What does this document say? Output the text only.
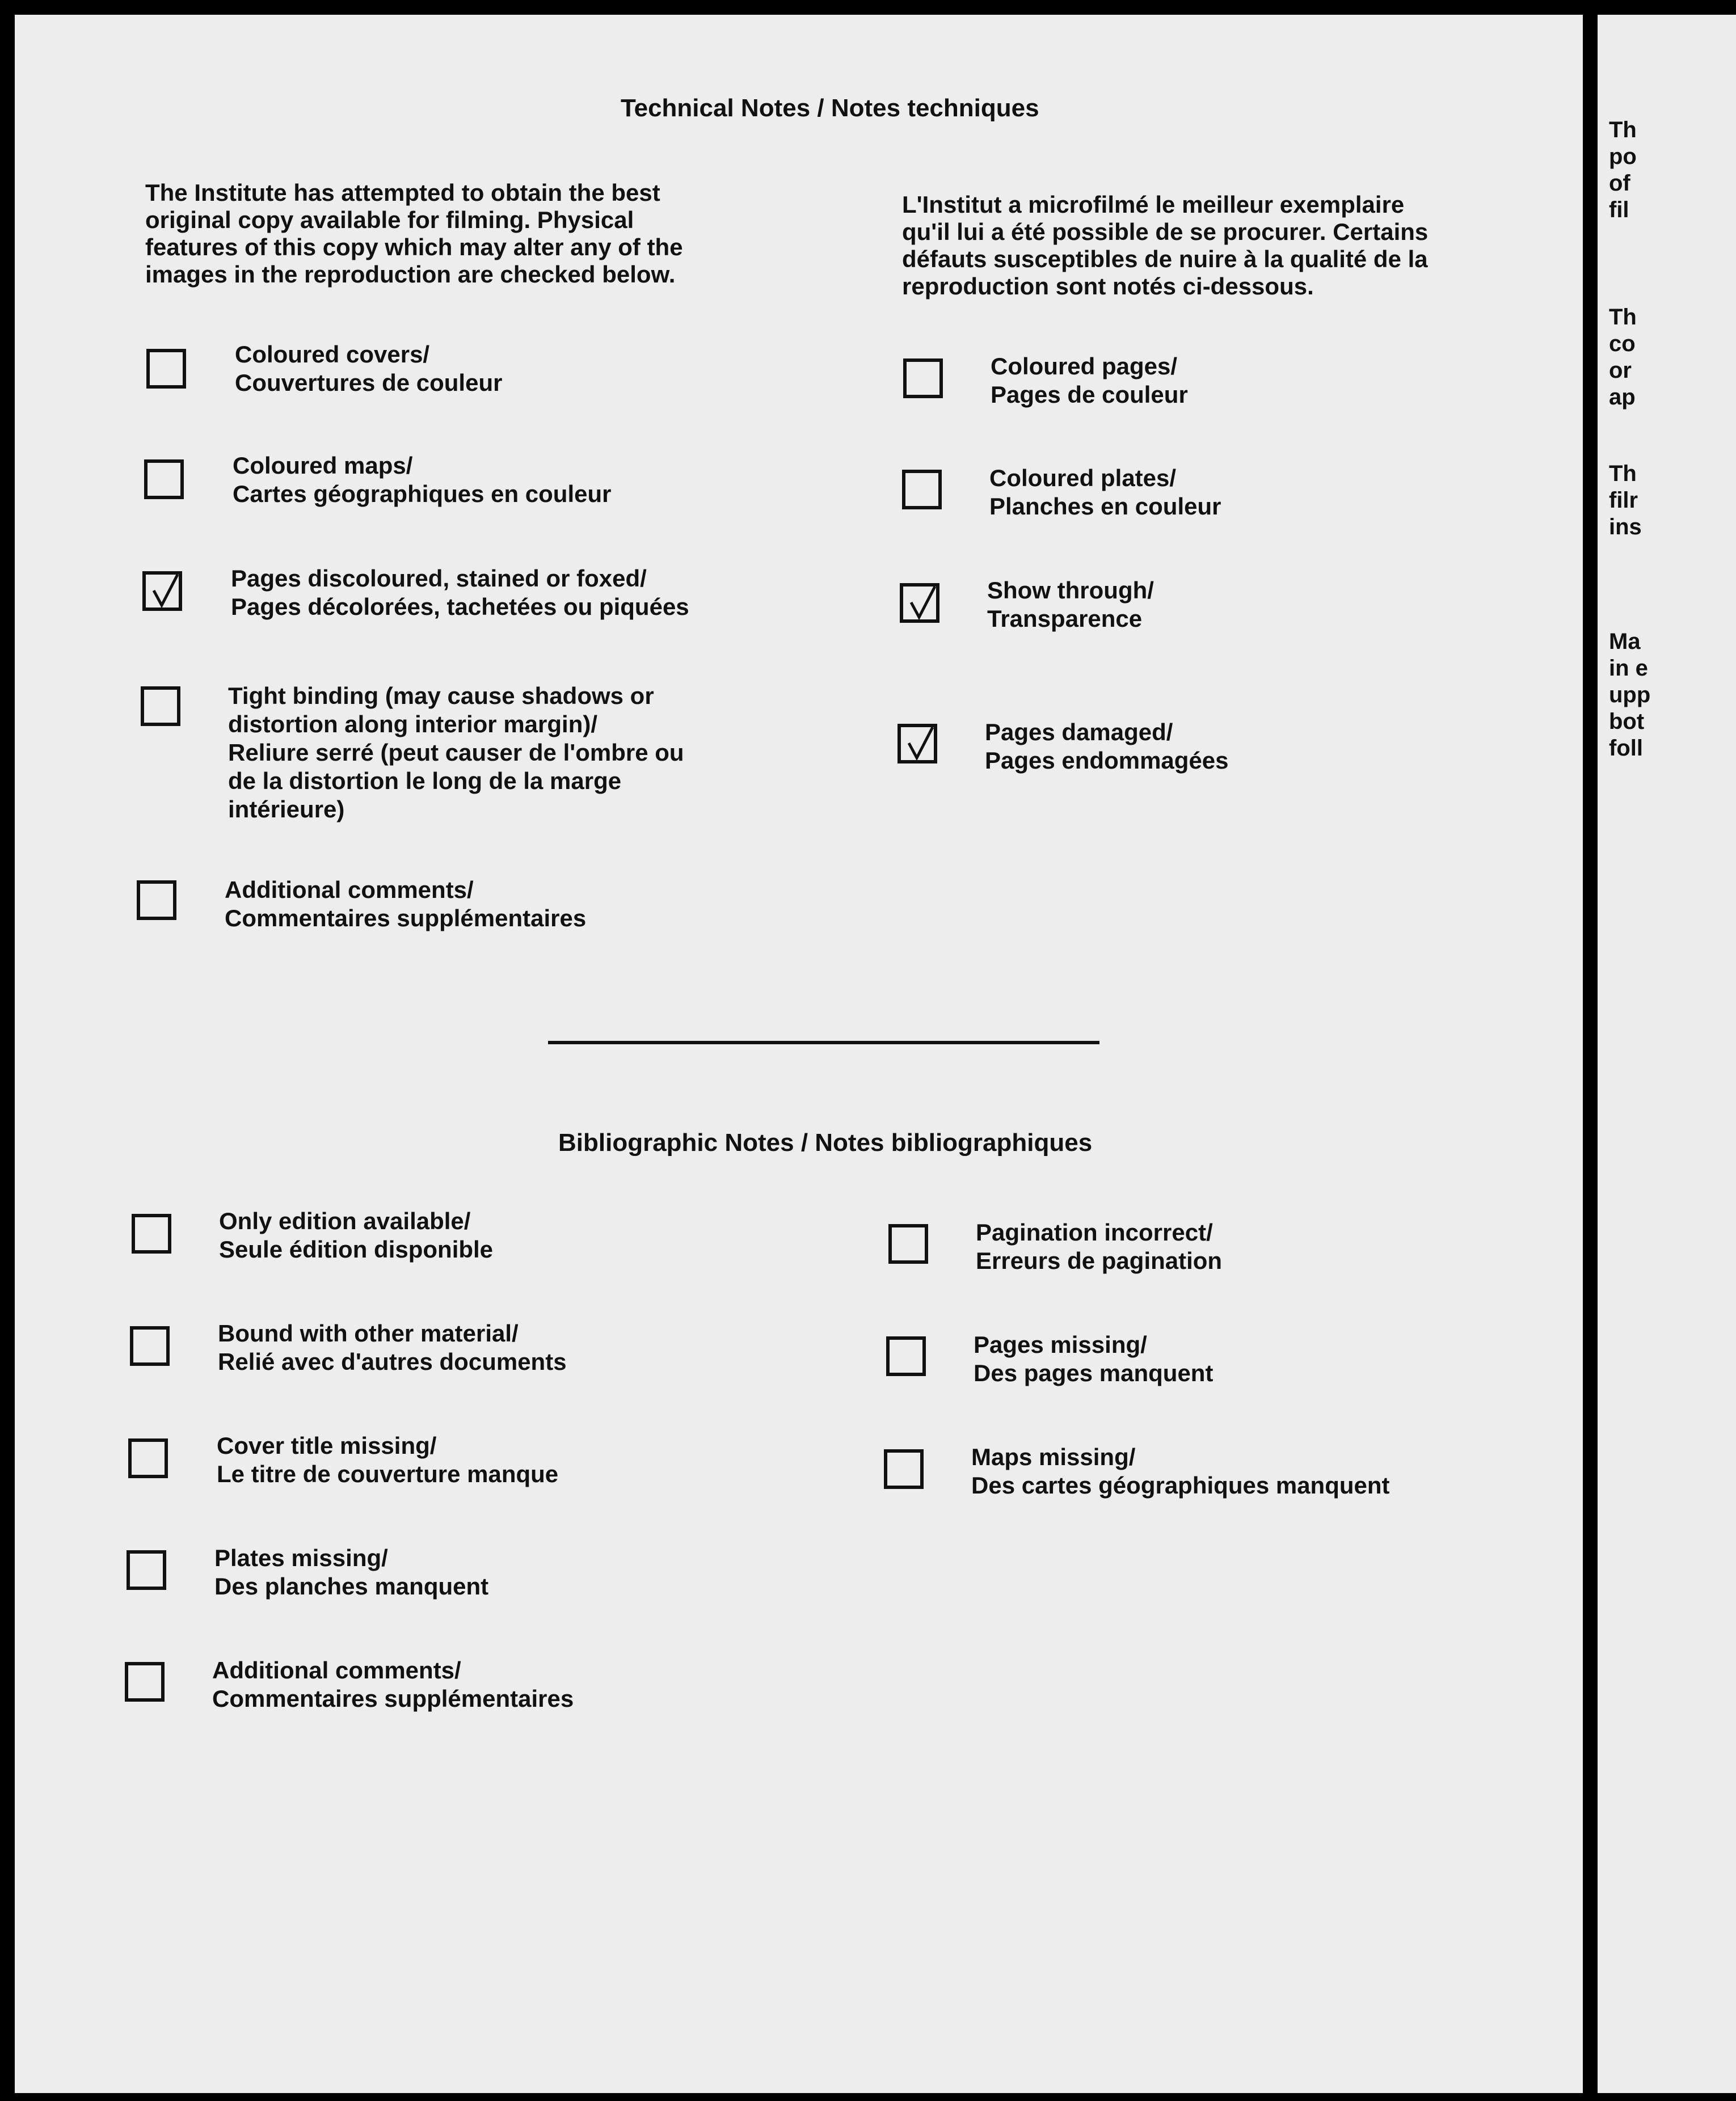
Th
po
of
fil
Th
co
or
ap
Th
filr
ins
Ma
in e
upp
bot
foll
Technical Notes / Notes techniques
The Institute has attempted to obtain the best
original copy available for filming. Physical
features of this copy which may alter any of the
images in the reproduction are checked below.
L'Institut a microfilmé le meilleur exemplaire
qu'il lui a été possible de se procurer. Certains
défauts susceptibles de nuire à la qualité de la
reproduction sont notés ci-dessous.
Coloured covers/
Couvertures de couleur
Coloured maps/
Cartes géographiques en couleur
Pages discoloured, stained or foxed/
Pages décolorées, tachetées ou piquées
Tight binding (may cause shadows or
distortion along interior margin)/
Reliure serré (peut causer de l'ombre ou
de la distortion le long de la marge
intérieure)
Additional comments/
Commentaires supplémentaires
Coloured pages/
Pages de couleur
Coloured plates/
Planches en couleur
Show through/
Transparence
Pages damaged/
Pages endommagées
Bibliographic Notes / Notes bibliographiques
Only edition available/
Seule édition disponible
Bound with other material/
Relié avec d'autres documents
Cover title missing/
Le titre de couverture manque
Plates missing/
Des planches manquent
Additional comments/
Commentaires supplémentaires
Pagination incorrect/
Erreurs de pagination
Pages missing/
Des pages manquent
Maps missing/
Des cartes géographiques manquent
